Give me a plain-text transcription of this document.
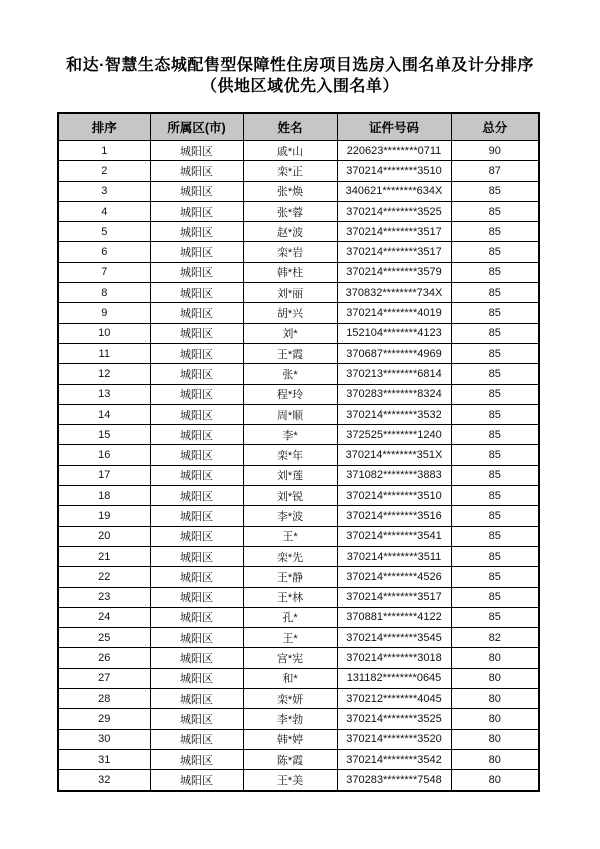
和达·智慧生态城配售型保障性住房项目选房入围名单及计分排序
（供地区域优先入围名单）
排序	所属区(市)	姓名	证件号码	总分
1	城阳区	戚*山	220623********0711	90
2	城阳区	栾*正	370214********3510	87
3	城阳区	张*焕	340621********634X	85
4	城阳区	张*蓉	370214********3525	85
5	城阳区	赵*波	370214********3517	85
6	城阳区	栾*岩	370214********3517	85
7	城阳区	韩*柱	370214********3579	85
8	城阳区	刘*丽	370832********734X	85
9	城阳区	胡*兴	370214********4019	85
10	城阳区	刘*	152104********4123	85
11	城阳区	王*霞	370687********4969	85
12	城阳区	张*	370213********6814	85
13	城阳区	程*玲	370283********8324	85
14	城阳区	周*顺	370214********3532	85
15	城阳区	李*	372525********1240	85
16	城阳区	栾*年	370214********351X	85
17	城阳区	刘*莲	371082********3883	85
18	城阳区	刘*锐	370214********3510	85
19	城阳区	李*波	370214********3516	85
20	城阳区	王*	370214********3541	85
21	城阳区	栾*先	370214********3511	85
22	城阳区	王*静	370214********4526	85
23	城阳区	王*林	370214********3517	85
24	城阳区	孔*	370881********4122	85
25	城阳区	王*	370214********3545	82
26	城阳区	宫*宪	370214********3018	80
27	城阳区	和*	131182********0645	80
28	城阳区	栾*妍	370212********4045	80
29	城阳区	李*勃	370214********3525	80
30	城阳区	韩*婷	370214********3520	80
31	城阳区	陈*霞	370214********3542	80
32	城阳区	王*美	370283********7548	80
